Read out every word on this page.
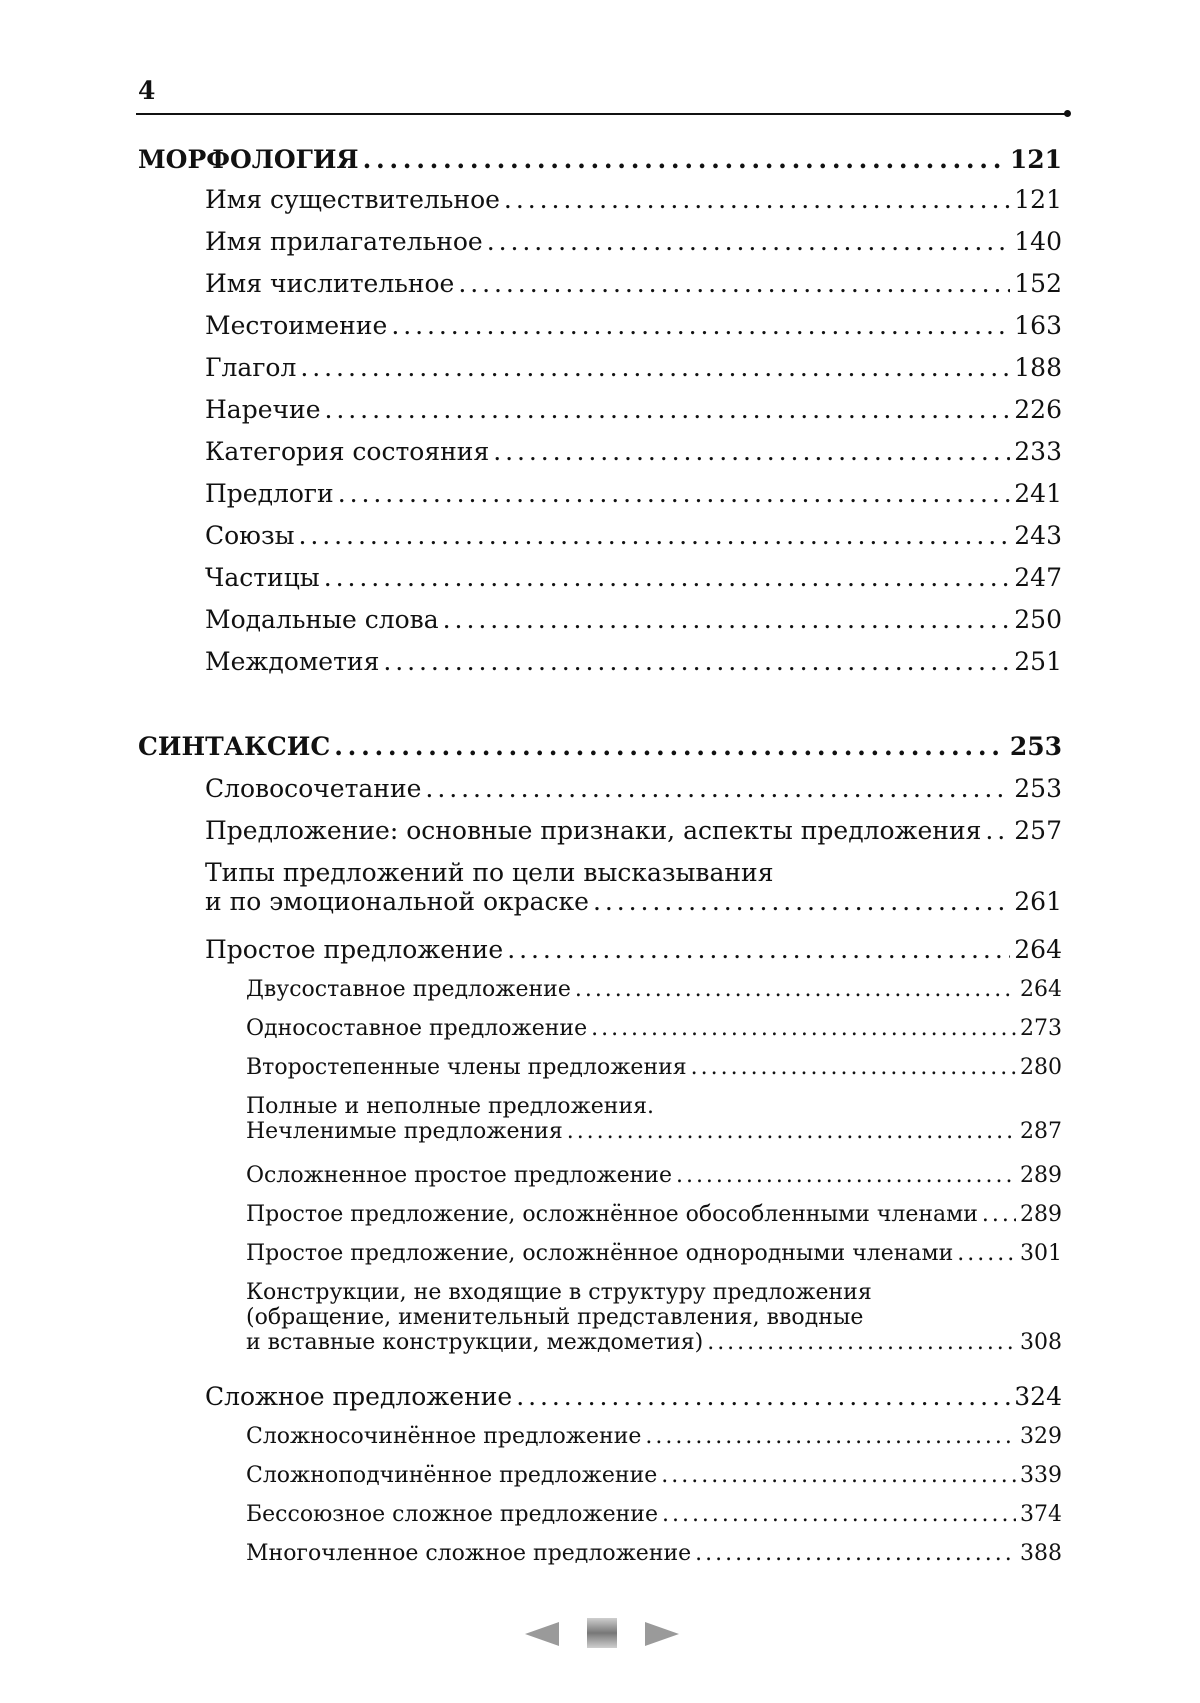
4
МОРФОЛОГИЯ . . .	121
Имя существительное . . .	121
Имя прилагательное . . .	140
Имя числительное . . .	152
Местоимение . . .	163
Глагол . . .	188
Наречие . . .	226
Категория состояния . . .	233
Предлоги . . .	241
Союзы . . .	243
Частицы . . .	247
Модальные слова . . .	250
Междометия . . .	251
СИНТАКСИС . . .	253
Словосочетание . . .	253
Предложение: основные признаки, аспекты предложения . . . 257
Типы предложений по цели высказывания
и по эмоциональной окраске . . .	261
Простое предложение . . .	264
Двусоставное предложение . . .	264
Односоставное предложение . . .	273
Второстепенные члены предложения . . .	280
Полные и неполные предложения.
Нечленимые предложения . . .	287
Осложненное простое предложение . . .	289
Простое предложение, осложнённое обособленными членами . . . 289
Простое предложение, осложнённое однородными членами . . .	301
Конструкции, не входящие в структуру предложения
(обращение, именительный представления, вводные
и вставные конструкции, междометия) . . .	308
Сложное предложение . . .	324
Сложносочинённое предложение . . .	329
Сложноподчинённое предложение . . .	339
Бессоюзное сложное предложение . . .	374
Многочленное сложное предложение . . .	388
